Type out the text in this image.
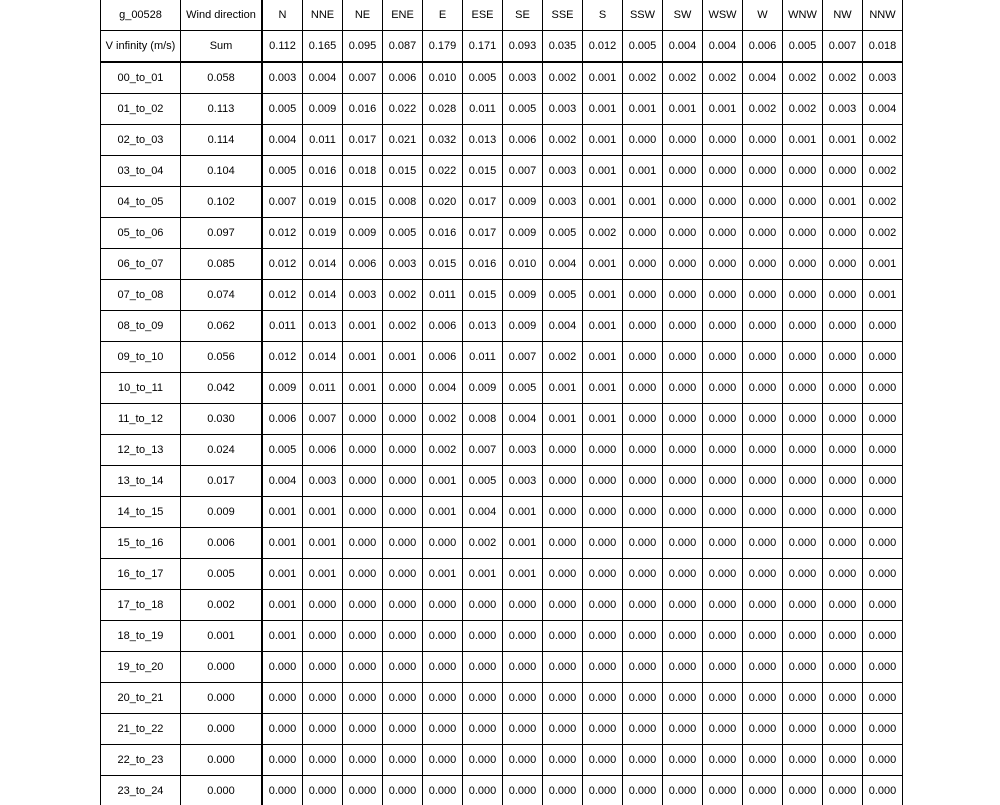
g_00528	Wind direction	N	NNE	NE	ENE	E	ESE	SE	SSE	S	SSW	SW	WSW	W	WNW	NW	NNW
V infinity (m/s)	Sum	0.112	0.165	0.095	0.087	0.179	0.171	0.093	0.035	0.012	0.005	0.004	0.004	0.006	0.005	0.007	0.018
00_to_01	0.058	0.003	0.004	0.007	0.006	0.010	0.005	0.003	0.002	0.001	0.002	0.002	0.002	0.004	0.002	0.002	0.003
01_to_02	0.113	0.005	0.009	0.016	0.022	0.028	0.011	0.005	0.003	0.001	0.001	0.001	0.001	0.002	0.002	0.003	0.004
02_to_03	0.114	0.004	0.011	0.017	0.021	0.032	0.013	0.006	0.002	0.001	0.000	0.000	0.000	0.000	0.001	0.001	0.002
03_to_04	0.104	0.005	0.016	0.018	0.015	0.022	0.015	0.007	0.003	0.001	0.001	0.000	0.000	0.000	0.000	0.000	0.002
04_to_05	0.102	0.007	0.019	0.015	0.008	0.020	0.017	0.009	0.003	0.001	0.001	0.000	0.000	0.000	0.000	0.001	0.002
05_to_06	0.097	0.012	0.019	0.009	0.005	0.016	0.017	0.009	0.005	0.002	0.000	0.000	0.000	0.000	0.000	0.000	0.002
06_to_07	0.085	0.012	0.014	0.006	0.003	0.015	0.016	0.010	0.004	0.001	0.000	0.000	0.000	0.000	0.000	0.000	0.001
07_to_08	0.074	0.012	0.014	0.003	0.002	0.011	0.015	0.009	0.005	0.001	0.000	0.000	0.000	0.000	0.000	0.000	0.001
08_to_09	0.062	0.011	0.013	0.001	0.002	0.006	0.013	0.009	0.004	0.001	0.000	0.000	0.000	0.000	0.000	0.000	0.000
09_to_10	0.056	0.012	0.014	0.001	0.001	0.006	0.011	0.007	0.002	0.001	0.000	0.000	0.000	0.000	0.000	0.000	0.000
10_to_11	0.042	0.009	0.011	0.001	0.000	0.004	0.009	0.005	0.001	0.001	0.000	0.000	0.000	0.000	0.000	0.000	0.000
11_to_12	0.030	0.006	0.007	0.000	0.000	0.002	0.008	0.004	0.001	0.001	0.000	0.000	0.000	0.000	0.000	0.000	0.000
12_to_13	0.024	0.005	0.006	0.000	0.000	0.002	0.007	0.003	0.000	0.000	0.000	0.000	0.000	0.000	0.000	0.000	0.000
13_to_14	0.017	0.004	0.003	0.000	0.000	0.001	0.005	0.003	0.000	0.000	0.000	0.000	0.000	0.000	0.000	0.000	0.000
14_to_15	0.009	0.001	0.001	0.000	0.000	0.001	0.004	0.001	0.000	0.000	0.000	0.000	0.000	0.000	0.000	0.000	0.000
15_to_16	0.006	0.001	0.001	0.000	0.000	0.000	0.002	0.001	0.000	0.000	0.000	0.000	0.000	0.000	0.000	0.000	0.000
16_to_17	0.005	0.001	0.001	0.000	0.000	0.001	0.001	0.001	0.000	0.000	0.000	0.000	0.000	0.000	0.000	0.000	0.000
17_to_18	0.002	0.001	0.000	0.000	0.000	0.000	0.000	0.000	0.000	0.000	0.000	0.000	0.000	0.000	0.000	0.000	0.000
18_to_19	0.001	0.001	0.000	0.000	0.000	0.000	0.000	0.000	0.000	0.000	0.000	0.000	0.000	0.000	0.000	0.000	0.000
19_to_20	0.000	0.000	0.000	0.000	0.000	0.000	0.000	0.000	0.000	0.000	0.000	0.000	0.000	0.000	0.000	0.000	0.000
20_to_21	0.000	0.000	0.000	0.000	0.000	0.000	0.000	0.000	0.000	0.000	0.000	0.000	0.000	0.000	0.000	0.000	0.000
21_to_22	0.000	0.000	0.000	0.000	0.000	0.000	0.000	0.000	0.000	0.000	0.000	0.000	0.000	0.000	0.000	0.000	0.000
22_to_23	0.000	0.000	0.000	0.000	0.000	0.000	0.000	0.000	0.000	0.000	0.000	0.000	0.000	0.000	0.000	0.000	0.000
23_to_24	0.000	0.000	0.000	0.000	0.000	0.000	0.000	0.000	0.000	0.000	0.000	0.000	0.000	0.000	0.000	0.000	0.000
